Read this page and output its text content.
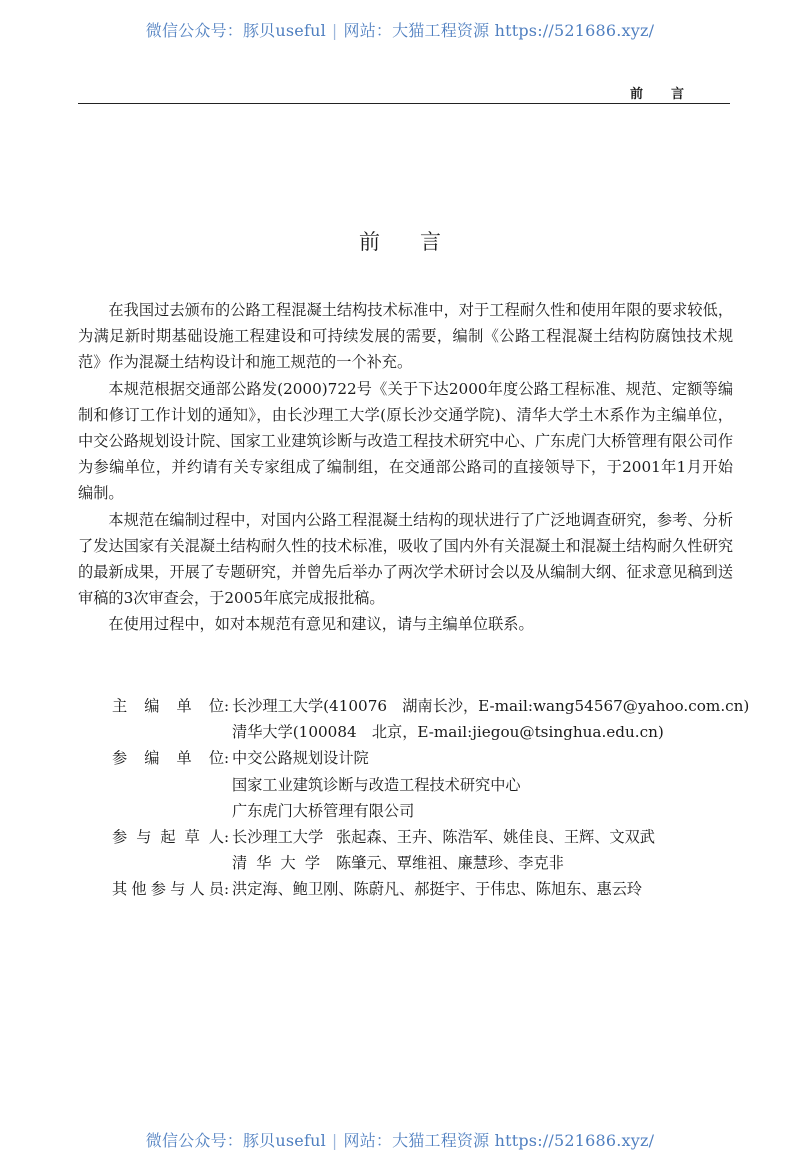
微信公众号：豚贝useful | 网站：大猫工程资源 https://521686.xyz/
前言
前言

在我国过去颁布的公路工程混凝土结构技术标准中，对于工程耐久性和使用年限的要求较低，为满足新时期基础设施工程建设和可持续发展的需要，编制《公路工程混凝土结构防腐蚀技术规范》作为混凝土结构设计和施工规范的一个补充。

本规范根据交通部公路发(2000)722号《关于下达2000年度公路工程标准、规范、定额等编制和修订工作计划的通知》，由长沙理工大学(原长沙交通学院)、清华大学土木系作为主编单位，中交公路规划设计院、国家工业建筑诊断与改造工程技术研究中心、广东虎门大桥管理有限公司作为参编单位，并约请有关专家组成了编制组，在交通部公路司的直接领导下，于2001年1月开始编制。

本规范在编制过程中，对国内公路工程混凝土结构的现状进行了广泛地调查研究，参考、分析了发达国家有关混凝土结构耐久性的技术标准，吸收了国内外有关混凝土和混凝土结构耐久性研究的最新成果，开展了专题研究，并曾先后举办了两次学术研讨会以及从编制大纲、征求意见稿到送审稿的3次审查会，于2005年底完成报批稿。

在使用过程中，如对本规范有意见和建议，请与主编单位联系。

主编单位 : 长沙理工大学(410076　湖南长沙，E-mail:wang54567@yahoo.com.cn)
清华大学(100084　北京，E-mail:jiegou@tsinghua.edu.cn)
参编单位 : 中交公路规划设计院
国家工业建筑诊断与改造工程技术研究中心
广东虎门大桥管理有限公司
参与起草人 : 长沙理工大学 张起森、王卉、陈浩军、姚佳良、王辉、文双武
清华大学 陈肇元、覃维祖、廉慧珍、李克非
其他参与人员 : 洪定海、鲍卫刚、陈蔚凡、郝挺宇、于伟忠、陈旭东、惠云玲
微信公众号：豚贝useful | 网站：大猫工程资源 https://521686.xyz/
